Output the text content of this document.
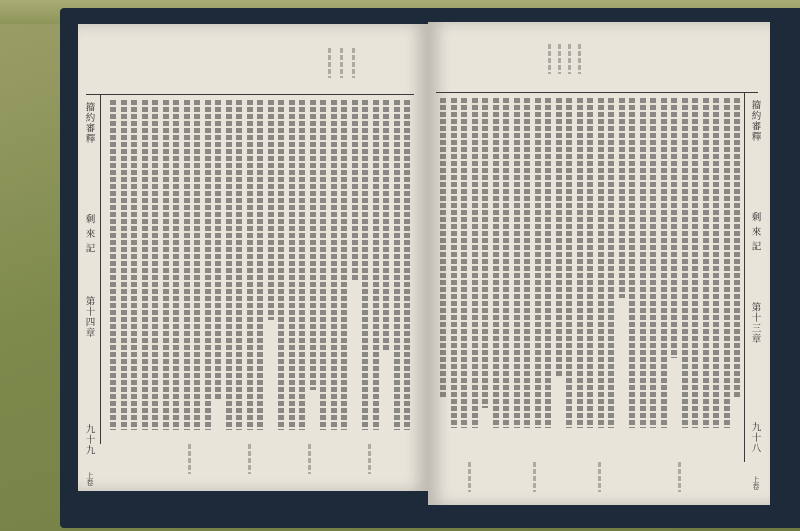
籀約審釋
剩 來 記
第十四章
九十九
上卷
籀約審釋
剩 來 記
第十三章
九十八
上卷
